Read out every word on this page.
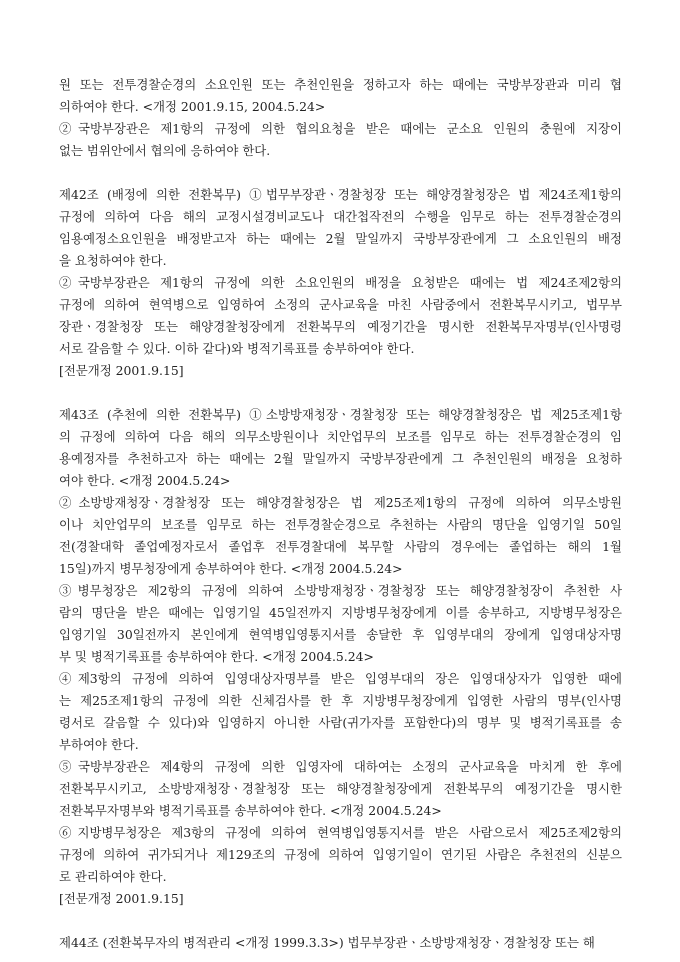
원 또는 전투경찰순경의 소요인원 또는 추천인원을 정하고자 하는 때에는 국방부장관과 미리 협
의하여야 한다. <개정 2001.9.15, 2004.5.24>
②국방부장관은 제1항의 규정에 의한 협의요청을 받은 때에는 군소요 인원의 충원에 지장이
없는 범위안에서 협의에 응하여야 한다.
제42조 (배정에 의한 전환복무) ①법무부장관ㆍ경찰청장 또는 해양경찰청장은 법 제24조제1항의
규정에 의하여 다음 해의 교정시설경비교도나 대간첩작전의 수행을 임무로 하는 전투경찰순경의
임용예정소요인원을 배정받고자 하는 때에는 2월 말일까지 국방부장관에게 그 소요인원의 배정
을 요청하여야 한다.
②국방부장관은 제1항의 규정에 의한 소요인원의 배정을 요청받은 때에는 법 제24조제2항의
규정에 의하여 현역병으로 입영하여 소정의 군사교육을 마친 사람중에서 전환복무시키고, 법무부
장관ㆍ경찰청장 또는 해양경찰청장에게 전환복무의 예정기간을 명시한 전환복무자명부(인사명령
서로 갈음할 수 있다. 이하 같다)와 병적기록표를 송부하여야 한다.
[전문개정 2001.9.15]
제43조 (추천에 의한 전환복무) ①소방방재청장ㆍ경찰청장 또는 해양경찰청장은 법 제25조제1항
의 규정에 의하여 다음 해의 의무소방원이나 치안업무의 보조를 임무로 하는 전투경찰순경의 임
용예정자를 추천하고자 하는 때에는 2월 말일까지 국방부장관에게 그 추천인원의 배정을 요청하
여야 한다. <개정 2004.5.24>
②소방방재청장ㆍ경찰청장 또는 해양경찰청장은 법 제25조제1항의 규정에 의하여 의무소방원
이나 치안업무의 보조를 임무로 하는 전투경찰순경으로 추천하는 사람의 명단을 입영기일 50일
전(경찰대학 졸업예정자로서 졸업후 전투경찰대에 복무할 사람의 경우에는 졸업하는 해의 1월
15일)까지 병무청장에게 송부하여야 한다. <개정 2004.5.24>
③병무청장은 제2항의 규정에 의하여 소방방재청장ㆍ경찰청장 또는 해양경찰청장이 추천한 사
람의 명단을 받은 때에는 입영기일 45일전까지 지방병무청장에게 이를 송부하고, 지방병무청장은
입영기일 30일전까지 본인에게 현역병입영통지서를 송달한 후 입영부대의 장에게 입영대상자명
부 및 병적기록표를 송부하여야 한다. <개정 2004.5.24>
④제3항의 규정에 의하여 입영대상자명부를 받은 입영부대의 장은 입영대상자가 입영한 때에
는 제25조제1항의 규정에 의한 신체검사를 한 후 지방병무청장에게 입영한 사람의 명부(인사명
령서로 갈음할 수 있다)와 입영하지 아니한 사람(귀가자를 포함한다)의 명부 및 병적기록표를 송
부하여야 한다.
⑤국방부장관은 제4항의 규정에 의한 입영자에 대하여는 소정의 군사교육을 마치게 한 후에
전환복무시키고, 소방방재청장ㆍ경찰청장 또는 해양경찰청장에게 전환복무의 예정기간을 명시한
전환복무자명부와 병적기록표를 송부하여야 한다. <개정 2004.5.24>
⑥지방병무청장은 제3항의 규정에 의하여 현역병입영통지서를 받은 사람으로서 제25조제2항의
규정에 의하여 귀가되거나 제129조의 규정에 의하여 입영기일이 연기된 사람은 추천전의 신분으
로 관리하여야 한다.
[전문개정 2001.9.15]
제44조 (전환복무자의 병적관리 <개정 1999.3.3>) 법무부장관ㆍ소방방재청장ㆍ경찰청장 또는 해
